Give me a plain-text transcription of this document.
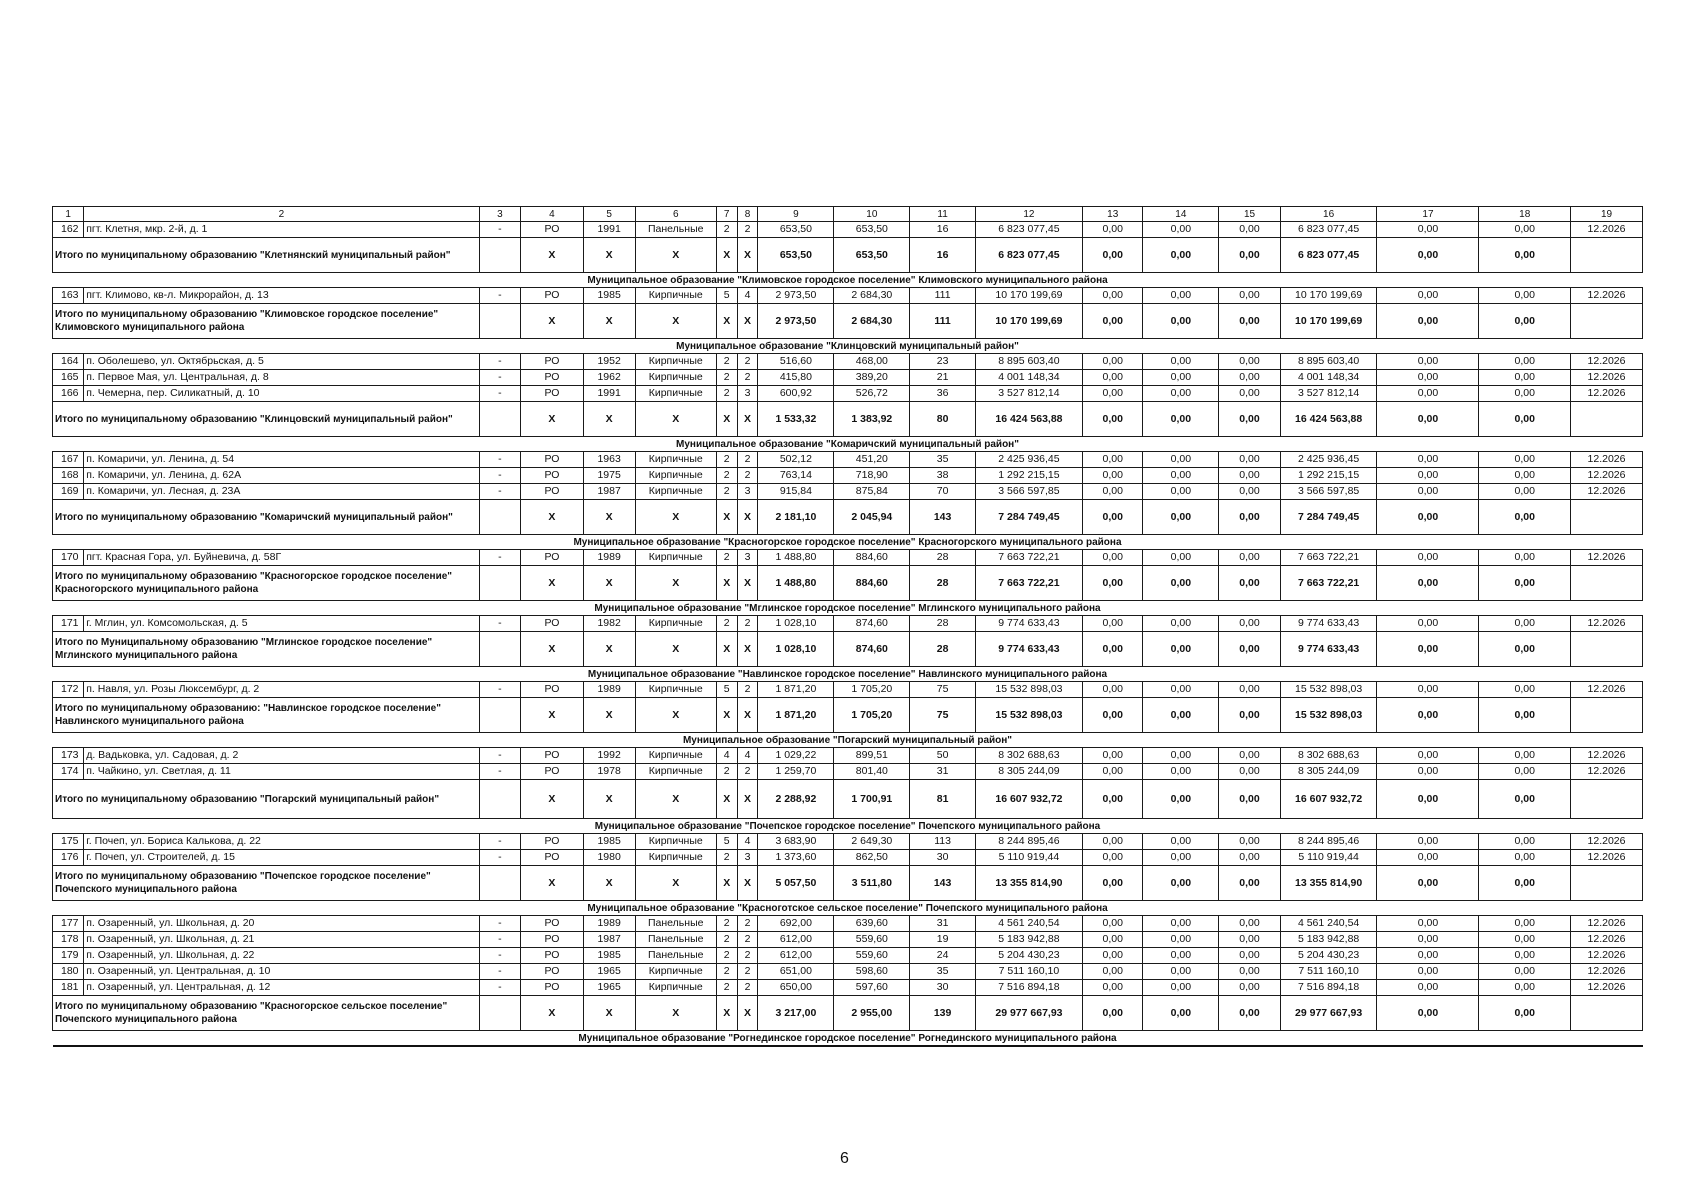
1	2	3	4	5	6	7	8	9	10	11	12	13	14	15	16	17	18	19
162	пгт. Клетня, мкр. 2-й, д. 1	-	РО	1991	Панельные	2	2	653,50	653,50	16	6 823 077,45	0,00	0,00	0,00	6 823 077,45	0,00	0,00	12.2026
Итого по муниципальному образованию "Клетнянский муниципальный район"			X	X	X	X	X	653,50	653,50	16	6 823 077,45	0,00	0,00	0,00	6 823 077,45	0,00	0,00	
Муниципальное образование "Климовское городское поселение" Климовского муниципального района																		
163	пгт. Климово, кв-л. Микрорайон, д. 13	-	РО	1985	Кирпичные	5	4	2 973,50	2 684,30	111	10 170 199,69	0,00	0,00	0,00	10 170 199,69	0,00	0,00	12.2026
Итого по муниципальному образованию "Климовское городское поселение" Климовского муниципального района			X	X	X	X	X	2 973,50	2 684,30	111	10 170 199,69	0,00	0,00	0,00	10 170 199,69	0,00	0,00	
Муниципальное образование "Клинцовский муниципальный район"																		
164	п. Оболешево, ул. Октябрьская, д. 5	-	РО	1952	Кирпичные	2	2	516,60	468,00	23	8 895 603,40	0,00	0,00	0,00	8 895 603,40	0,00	0,00	12.2026
165	п. Первое Мая, ул. Центральная, д. 8	-	РО	1962	Кирпичные	2	2	415,80	389,20	21	4 001 148,34	0,00	0,00	0,00	4 001 148,34	0,00	0,00	12.2026
166	п. Чемерна, пер. Силикатный, д. 10	-	РО	1991	Кирпичные	2	3	600,92	526,72	36	3 527 812,14	0,00	0,00	0,00	3 527 812,14	0,00	0,00	12.2026
Итого по муниципальному образованию "Клинцовский муниципальный район"			X	X	X	X	X	1 533,32	1 383,92	80	16 424 563,88	0,00	0,00	0,00	16 424 563,88	0,00	0,00	
Муниципальное образование "Комаричский муниципальный район"																		
167	п. Комаричи, ул. Ленина, д. 54	-	РО	1963	Кирпичные	2	2	502,12	451,20	35	2 425 936,45	0,00	0,00	0,00	2 425 936,45	0,00	0,00	12.2026
168	п. Комаричи, ул. Ленина, д. 62А	-	РО	1975	Кирпичные	2	2	763,14	718,90	38	1 292 215,15	0,00	0,00	0,00	1 292 215,15	0,00	0,00	12.2026
169	п. Комаричи, ул. Лесная, д. 23А	-	РО	1987	Кирпичные	2	3	915,84	875,84	70	3 566 597,85	0,00	0,00	0,00	3 566 597,85	0,00	0,00	12.2026
Итого по муниципальному образованию "Комаричский муниципальный район"			X	X	X	X	X	2 181,10	2 045,94	143	7 284 749,45	0,00	0,00	0,00	7 284 749,45	0,00	0,00	
Муниципальное образование "Красногорское городское поселение" Красногорского муниципального района																		
170	пгт. Красная Гора, ул. Буйневича, д. 58Г	-	РО	1989	Кирпичные	2	3	1 488,80	884,60	28	7 663 722,21	0,00	0,00	0,00	7 663 722,21	0,00	0,00	12.2026
Итого по муниципальному образованию "Красногорское городское поселение" Красногорского муниципального района			X	X	X	X	X	1 488,80	884,60	28	7 663 722,21	0,00	0,00	0,00	7 663 722,21	0,00	0,00	
Муниципальное образование "Мглинское городское поселение" Мглинского муниципального района																		
171	г. Мглин, ул. Комсомольская, д. 5	-	РО	1982	Кирпичные	2	2	1 028,10	874,60	28	9 774 633,43	0,00	0,00	0,00	9 774 633,43	0,00	0,00	12.2026
Итого по Муниципальному образованию "Мглинское городское поселение" Мглинского муниципального района			X	X	X	X	X	1 028,10	874,60	28	9 774 633,43	0,00	0,00	0,00	9 774 633,43	0,00	0,00	
Муниципальное образование "Навлинское городское поселение" Навлинского муниципального района																		
172	п. Навля, ул. Розы Люксембург, д. 2	-	РО	1989	Кирпичные	5	2	1 871,20	1 705,20	75	15 532 898,03	0,00	0,00	0,00	15 532 898,03	0,00	0,00	12.2026
Итого по муниципальному образованию: "Навлинское городское поселение" Навлинского муниципального района			X	X	X	X	X	1 871,20	1 705,20	75	15 532 898,03	0,00	0,00	0,00	15 532 898,03	0,00	0,00	
Муниципальное образование "Погарский муниципальный район"																		
173	д. Вадьковка, ул. Садовая, д. 2	-	РО	1992	Кирпичные	4	4	1 029,22	899,51	50	8 302 688,63	0,00	0,00	0,00	8 302 688,63	0,00	0,00	12.2026
174	п. Чайкино, ул. Светлая, д. 11	-	РО	1978	Кирпичные	2	2	1 259,70	801,40	31	8 305 244,09	0,00	0,00	0,00	8 305 244,09	0,00	0,00	12.2026
Итого по муниципальному образованию "Погарский муниципальный район"			X	X	X	X	X	2 288,92	1 700,91	81	16 607 932,72	0,00	0,00	0,00	16 607 932,72	0,00	0,00	
Муниципальное образование "Почепское городское поселение" Почепского муниципального района																		
175	г. Почеп, ул. Бориса Калькова, д. 22	-	РО	1985	Кирпичные	5	4	3 683,90	2 649,30	113	8 244 895,46	0,00	0,00	0,00	8 244 895,46	0,00	0,00	12.2026
176	г. Почеп, ул. Строителей, д. 15	-	РО	1980	Кирпичные	2	3	1 373,60	862,50	30	5 110 919,44	0,00	0,00	0,00	5 110 919,44	0,00	0,00	12.2026
Итого по муниципальному образованию "Почепское городское поселение" Почепского муниципального района			X	X	X	X	X	5 057,50	3 511,80	143	13 355 814,90	0,00	0,00	0,00	13 355 814,90	0,00	0,00	
Муниципальное образование "Красноготское сельское поселение" Почепского муниципального района																		
177	п. Озаренный, ул. Школьная, д. 20	-	РО	1989	Панельные	2	2	692,00	639,60	31	4 561 240,54	0,00	0,00	0,00	4 561 240,54	0,00	0,00	12.2026
178	п. Озаренный, ул. Школьная, д. 21	-	РО	1987	Панельные	2	2	612,00	559,60	19	5 183 942,88	0,00	0,00	0,00	5 183 942,88	0,00	0,00	12.2026
179	п. Озаренный, ул. Школьная, д. 22	-	РО	1985	Панельные	2	2	612,00	559,60	24	5 204 430,23	0,00	0,00	0,00	5 204 430,23	0,00	0,00	12.2026
180	п. Озаренный, ул. Центральная, д. 10	-	РО	1965	Кирпичные	2	2	651,00	598,60	35	7 511 160,10	0,00	0,00	0,00	7 511 160,10	0,00	0,00	12.2026
181	п. Озаренный, ул. Центральная, д. 12	-	РО	1965	Кирпичные	2	2	650,00	597,60	30	7 516 894,18	0,00	0,00	0,00	7 516 894,18	0,00	0,00	12.2026
Итого по муниципальному образованию "Красногорское сельское поселение" Почепского муниципального района			X	X	X	X	X	3 217,00	2 955,00	139	29 977 667,93	0,00	0,00	0,00	29 977 667,93	0,00	0,00	
Муниципальное образование "Рогнединское городское поселение" Рогнединского муниципального района																		
6
